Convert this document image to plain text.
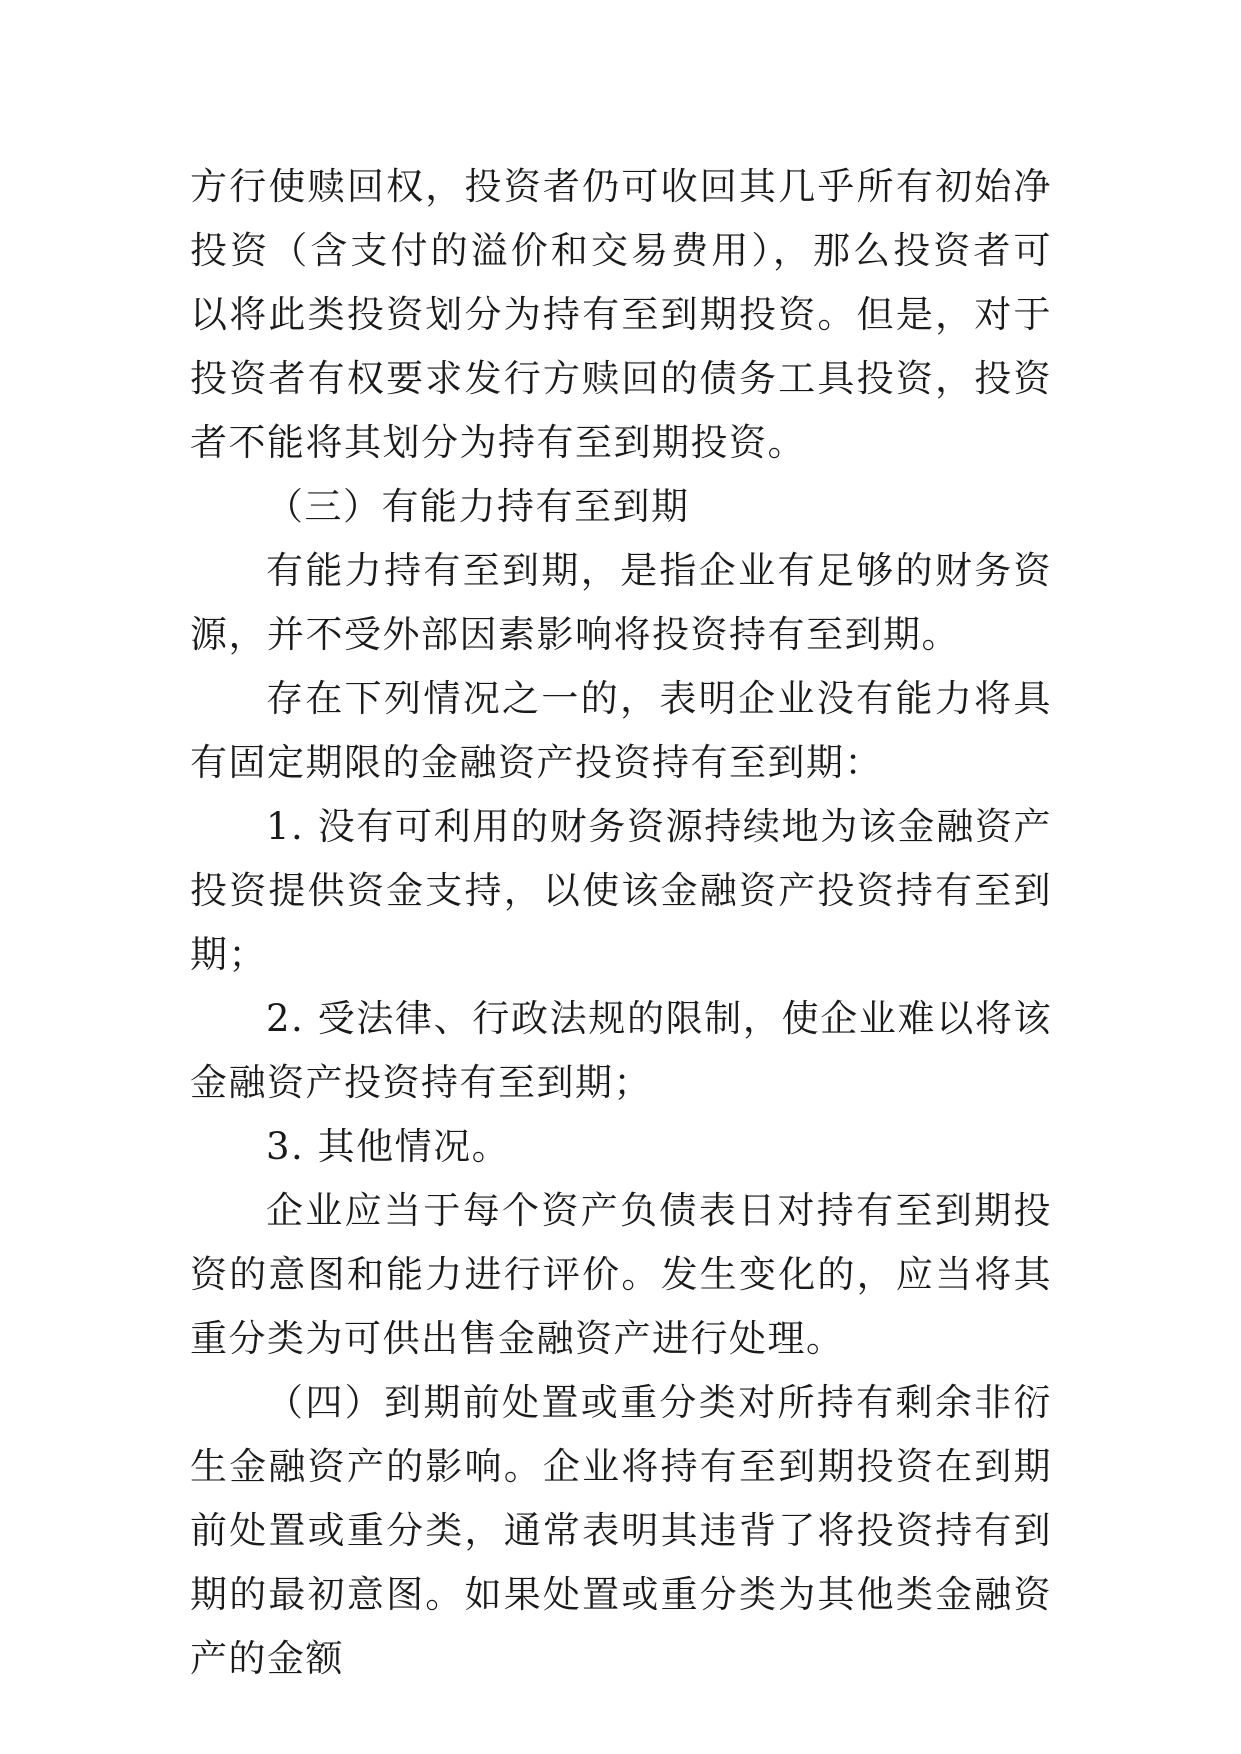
方行使赎回权，投资者仍可收回其几乎所有初始净投资（含支付的溢价和交易费用），那么投资者可以将此类投资划分为持有至到期投资。但是，对于投资者有权要求发行方赎回的债务工具投资，投资者不能将其划分为持有至到期投资。

（三）有能力持有至到期

有能力持有至到期，是指企业有足够的财务资源，并不受外部因素影响将投资持有至到期。

存在下列情况之一的，表明企业没有能力将具有固定期限的金融资产投资持有至到期：

1. 没有可利用的财务资源持续地为该金融资产投资提供资金支持，以使该金融资产投资持有至到期；

2. 受法律、行政法规的限制，使企业难以将该金融资产投资持有至到期；

3. 其他情况。

企业应当于每个资产负债表日对持有至到期投资的意图和能力进行评价。发生变化的，应当将其重分类为可供出售金融资产进行处理。

（四）到期前处置或重分类对所持有剩余非衍生金融资产的影响。企业将持有至到期投资在到期前处置或重分类，通常表明其违背了将投资持有到期的最初意图。如果处置或重分类为其他类金融资产的金额
